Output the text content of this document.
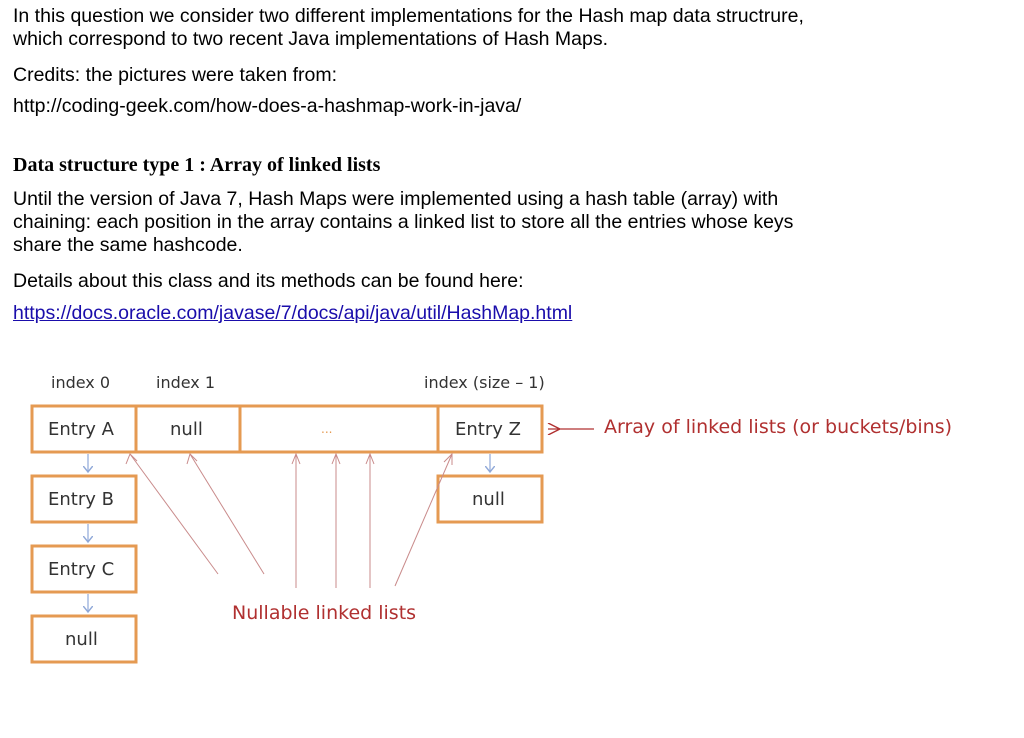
In this question we consider two different implementations for the Hash map data structrure,
which correspond to two recent Java implementations of Hash Maps.
Credits: the pictures were taken from:
http://coding-geek.com/how-does-a-hashmap-work-in-java/
Data structure type 1 : Array of linked lists
Until the version of Java 7, Hash Maps were implemented using a hash table (array) with
chaining: each position in the array contains a linked list to store all the entries whose keys
share the same hashcode.
Details about this class and its methods can be found here:
https://docs.oracle.com/javase/7/docs/api/java/util/HashMap.html
index 0	index 1	index (size – 1)
Entry A	null	...	Entry Z
Entry B
Entry C
null
null
Array of linked lists (or buckets/bins)
Nullable linked lists
